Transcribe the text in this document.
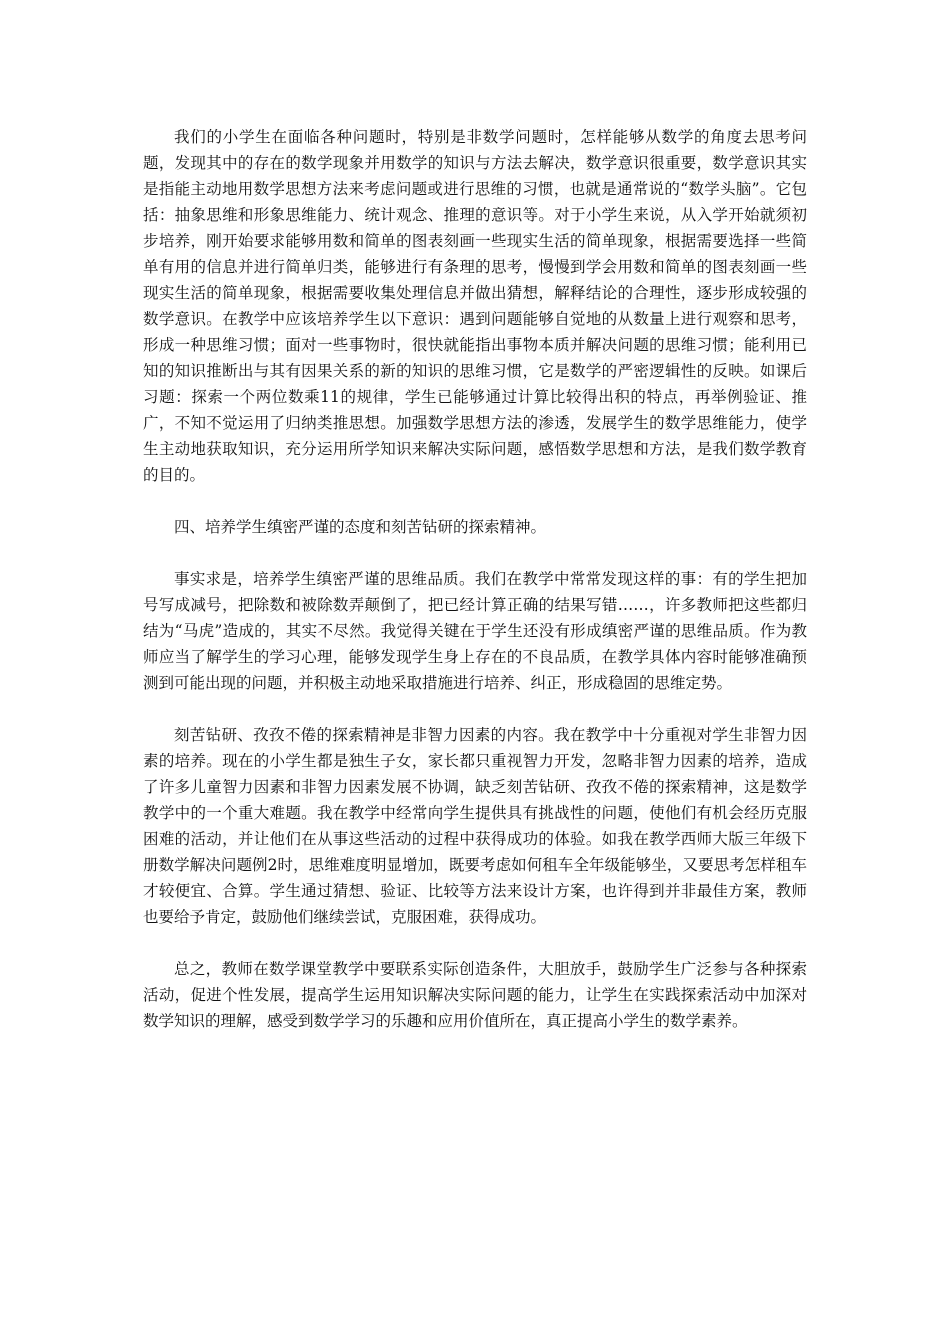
我们的小学生在面临各种问题时，特别是非数学问题时，怎样能够从数学的角度去思考问题，发现其中的存在的数学现象并用数学的知识与方法去解决，数学意识很重要，数学意识其实是指能主动地用数学思想方法来考虑问题或进行思维的习惯，也就是通常说的“数学头脑”。它包括：抽象思维和形象思维能力、统计观念、推理的意识等。对于小学生来说，从入学开始就须初步培养，刚开始要求能够用数和简单的图表刻画一些现实生活的简单现象，根据需要选择一些简单有用的信息并进行简单归类，能够进行有条理的思考，慢慢到学会用数和简单的图表刻画一些现实生活的简单现象，根据需要收集处理信息并做出猜想，解释结论的合理性，逐步形成较强的数学意识。在教学中应该培养学生以下意识：遇到问题能够自觉地的从数量上进行观察和思考，形成一种思维习惯；面对一些事物时，很快就能指出事物本质并解决问题的思维习惯；能利用已知的知识推断出与其有因果关系的新的知识的思维习惯，它是数学的严密逻辑性的反映。如课后习题：探索一个两位数乘11的规律，学生已能够通过计算比较得出积的特点，再举例验证、推广，不知不觉运用了归纳类推思想。加强数学思想方法的渗透，发展学生的数学思维能力，使学生主动地获取知识，充分运用所学知识来解决实际问题，感悟数学思想和方法，是我们数学教育的目的。

四、培养学生缜密严谨的态度和刻苦钻研的探索精神。

事实求是，培养学生缜密严谨的思维品质。我们在教学中常常发现这样的事：有的学生把加号写成减号，把除数和被除数弄颠倒了，把已经计算正确的结果写错……，许多教师把这些都归结为“马虎”造成的，其实不尽然。我觉得关键在于学生还没有形成缜密严谨的思维品质。作为教师应当了解学生的学习心理，能够发现学生身上存在的不良品质，在教学具体内容时能够准确预测到可能出现的问题，并积极主动地采取措施进行培养、纠正，形成稳固的思维定势。

刻苦钻研、孜孜不倦的探索精神是非智力因素的内容。我在教学中十分重视对学生非智力因素的培养。现在的小学生都是独生子女，家长都只重视智力开发，忽略非智力因素的培养，造成了许多儿童智力因素和非智力因素发展不协调，缺乏刻苦钻研、孜孜不倦的探索精神，这是数学教学中的一个重大难题。我在教学中经常向学生提供具有挑战性的问题，使他们有机会经历克服困难的活动，并让他们在从事这些活动的过程中获得成功的体验。如我在教学西师大版三年级下册数学解决问题例2时，思维难度明显增加，既要考虑如何租车全年级能够坐，又要思考怎样租车才较便宜、合算。学生通过猜想、验证、比较等方法来设计方案，也许得到并非最佳方案，教师也要给予肯定，鼓励他们继续尝试，克服困难，获得成功。

总之，教师在数学课堂教学中要联系实际创造条件，大胆放手，鼓励学生广泛参与各种探索活动，促进个性发展，提高学生运用知识解决实际问题的能力，让学生在实践探索活动中加深对数学知识的理解，感受到数学学习的乐趣和应用价值所在，真正提高小学生的数学素养。
